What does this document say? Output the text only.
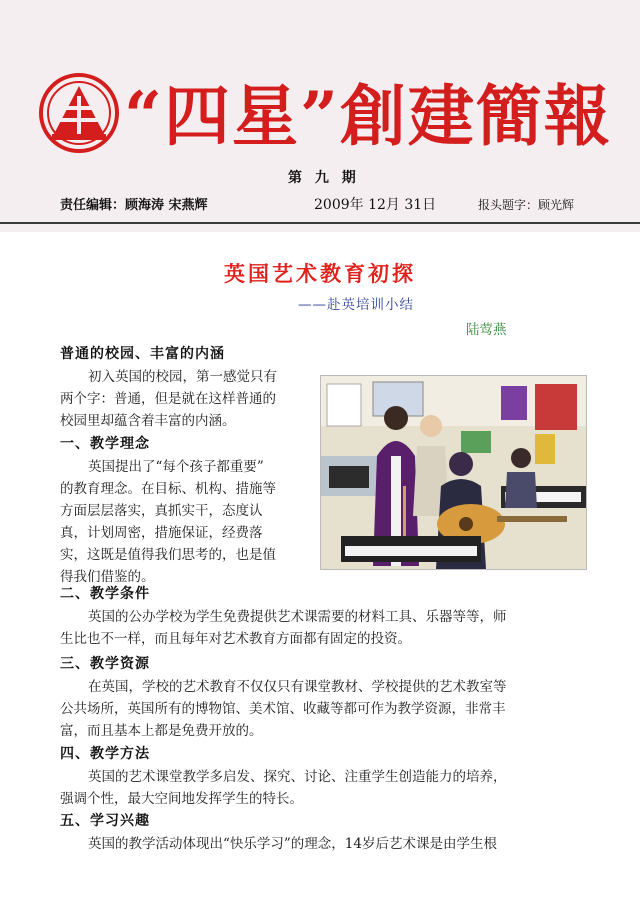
“四星”創建簡報
第 九 期
责任编辑：顾海涛 宋燕辉	2009年 12月 31日	报头题字：顾光辉
英国艺术教育初探
——赴英培训小结
陆莺燕
普通的校园、丰富的内涵
初入英国的校园，第一感觉只有
两个字：普通，但是就在这样普通的
校园里却蕴含着丰富的内涵。
一、教学理念
英国提出了“每个孩子都重要”
的教育理念。在目标、机构、措施等
方面层层落实，真抓实干，态度认
真，计划周密，措施保证，经费落
实，这既是值得我们思考的，也是值
得我们借鉴的。
二、教学条件
英国的公办学校为学生免费提供艺术课需要的材料工具、乐器等等，师
生比也不一样，而且每年对艺术教育方面都有固定的投资。
三、教学资源
在英国，学校的艺术教育不仅仅只有课堂教材、学校提供的艺术教室等
公共场所，英国所有的博物馆、美术馆、收藏等都可作为教学资源，非常丰
富，而且基本上都是免费开放的。
四、教学方法
英国的艺术课堂教学多启发、探究、讨论、注重学生创造能力的培养，
强调个性，最大空间地发挥学生的特长。
五、学习兴趣
英国的教学活动体现出“快乐学习”的理念，14岁后艺术课是由学生根
